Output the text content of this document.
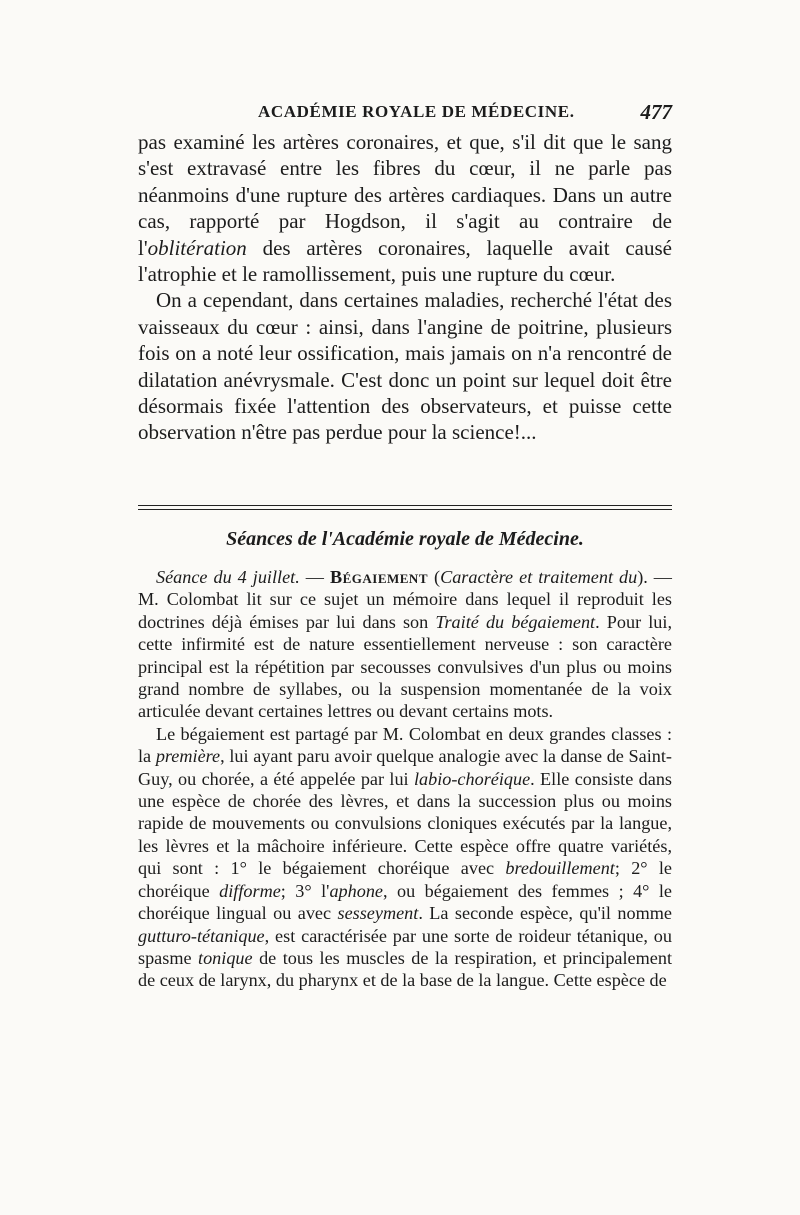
ACADÉMIE ROYALE DE MÉDECINE.	477

pas examiné les artères coronaires, et que, s'il dit que le sang s'est extravasé entre les fibres du cœur, il ne parle pas néanmoins d'une rupture des artères cardiaques. Dans un autre cas, rapporté par Hogdson, il s'agit au contraire de l'oblitération des artères coronaires, laquelle avait causé l'atrophie et le ramollissement, puis une rupture du cœur.

On a cependant, dans certaines maladies, recherché l'état des vaisseaux du cœur : ainsi, dans l'angine de poitrine, plusieurs fois on a noté leur ossification, mais jamais on n'a rencontré de dilatation anévrysmale. C'est donc un point sur lequel doit être désormais fixée l'attention des observateurs, et puisse cette observation n'être pas perdue pour la science!...

Séances de l'Académie royale de Médecine.

Séance du 4 juillet. — Bégaiement (Caractère et traitement du). — M. Colombat lit sur ce sujet un mémoire dans lequel il reproduit les doctrines déjà émises par lui dans son Traité du bégaiement. Pour lui, cette infirmité est de nature essentiellement nerveuse : son caractère principal est la répétition par secousses convulsives d'un plus ou moins grand nombre de syllabes, ou la suspension momentanée de la voix articulée devant certaines lettres ou devant certains mots.

Le bégaiement est partagé par M. Colombat en deux grandes classes : la première, lui ayant paru avoir quelque analogie avec la danse de Saint-Guy, ou chorée, a été appelée par lui labio-choréique. Elle consiste dans une espèce de chorée des lèvres, et dans la succession plus ou moins rapide de mouvements ou convulsions cloniques exécutés par la langue, les lèvres et la mâchoire inférieure. Cette espèce offre quatre variétés, qui sont : 1° le bégaiement choréique avec bredouillement; 2° le choréique difforme; 3° l'aphone, ou bégaiement des femmes ; 4° le choréique lingual ou avec sesseyment. La seconde espèce, qu'il nomme gutturo-tétanique, est caractérisée par une sorte de roideur tétanique, ou spasme tonique de tous les muscles de la respiration, et principalement de ceux de larynx, du pharynx et de la base de la langue. Cette espèce de
